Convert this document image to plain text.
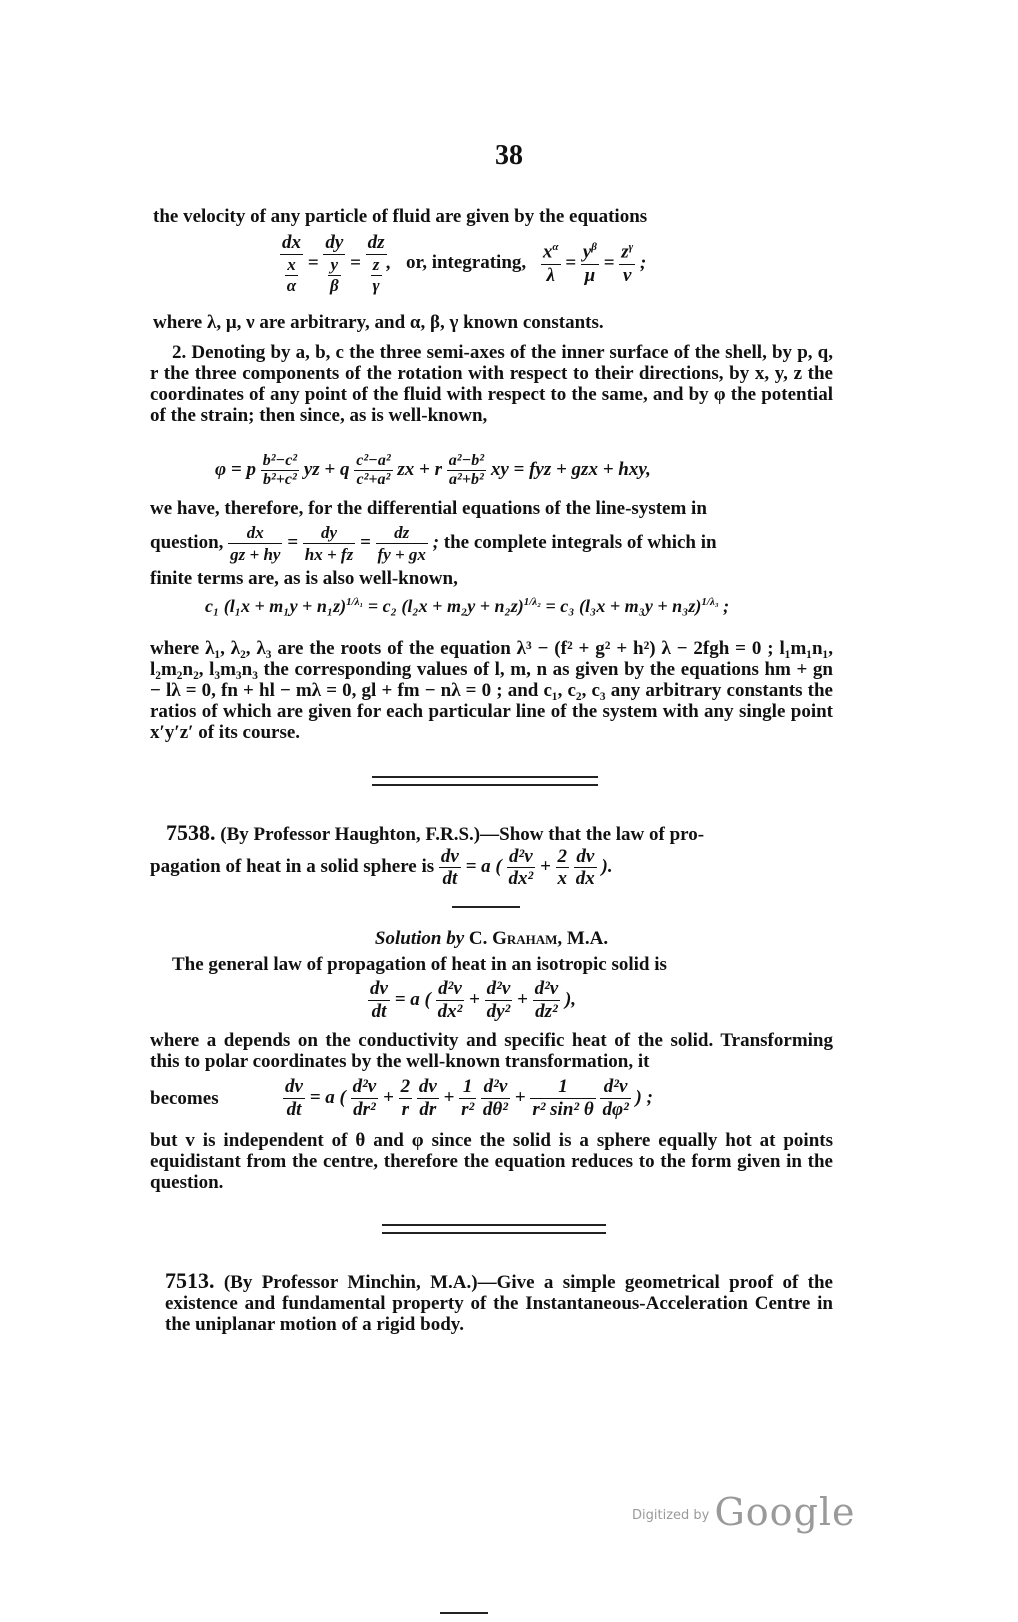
38
the velocity of any particle of fluid are given by the equations
$\frac{dx}{\frac{x}{\alpha}} = \frac{dy}{\frac{y}{\beta}} = \frac{dz}{\frac{z}{\gamma}}$ , or, integrating, $\frac{x^\alpha}{\lambda} = \frac{y^\beta}{\mu} = \frac{z^\gamma}{\nu}$ ;
where λ, μ, ν are arbitrary, and α, β, γ known constants.
2. Denoting by a, b, c the three semi-axes of the inner surface of the shell, by p, q, r the three components of the rotation with respect to their directions, by x, y, z the coordinates of any point of the fluid with respect to the same, and by φ the potential of the strain; then since, as is well-known,
φ = p $\frac{\text{b²−c²}}{\text{b²+c²}}$ yz + q $\frac{\text{c²−a²}}{\text{c²+a²}}$ zx + r $\frac{\text{a²−b²}}{\text{a²+b²}}$ xy = fyz + gzx + hxy,
we have, therefore, for the differential equations of the line-system in
question, $\frac{dx}{gz + hy} = \frac{dy}{hx + fz} = \frac{dz}{fy + gx}$ ; the complete integrals of which in
finite terms are, as is also well-known,
c₁ $(l_1x + m_1y + n_1z)^{1/\lambda_1} = c_2$ $(l_2x + m_2y + n_2z)^{1/\lambda_2} = c_3$ $(l_3x + m_3y + n_3z)^{1/\lambda_3}$ ;
where λ₁, λ₂, λ₃ are the roots of the equation λ³ − (f² + g² + h²) λ − 2fgh = 0 ; l₁m₁n₁, l₂m₂n₂, l₃m₃n₃ the corresponding values of l, m, n as given by the equations hm + gn − lλ = 0, fn + hl − mλ = 0, gl + fm − nλ = 0 ; and c₁, c₂, c₃ any arbitrary constants the ratios of which are given for each particular line of the system with any single point x′y′z′ of its course.
7538. (By Professor Haughton, F.R.S.)—Show that the law of pro-
pagation of heat in a solid sphere is $\frac{dv}{dt} = a$ ( $\frac{\text{d²v}}{\text{dx²}} + \frac{2}{x}$
$\frac{dv}{dx}$ ).
Solution by C. Graham, M.A.
The general law of propagation of heat in an isotropic solid is
$\frac{dv}{dt} = a$ ( $\frac{\text{d²v}}{\text{dx²}} + \frac{\text{d²v}}{\text{dy²}} + \frac{\text{d²v}}{\text{dz²}}$ ),
where a depends on the conductivity and specific heat of the solid. Transforming this to polar coordinates by the well-known transformation, it
becomes	$\frac{dv}{dt} = a$ ( $\frac{\text{d²v}}{\text{dr²}} + \frac{2}{r}$
$\frac{dv}{dr} + \frac{1}{\text{r²}}$
$\frac{\text{d²v}}{\text{dθ²}} + \frac{1}{\text{r² sin² θ}}$
$\frac{\text{d²v}}{\text{dφ²}}$ ) ;
but v is independent of θ and φ since the solid is a sphere equally hot at points equidistant from the centre, therefore the equation reduces to the form given in the question.
7513. (By Professor Minchin, M.A.)—Give a simple geometrical proof of the existence and fundamental property of the Instantaneous-Acceleration Centre in the uniplanar motion of a rigid body.
$^{Digitized by}$ Google
